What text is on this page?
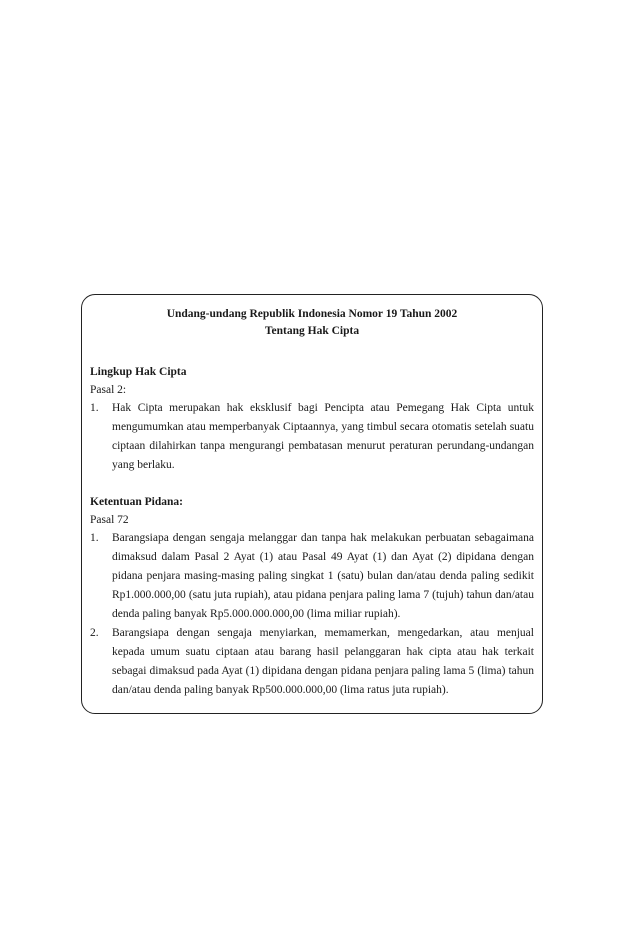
Undang-undang Republik Indonesia Nomor 19 Tahun 2002
Tentang Hak Cipta
Lingkup Hak Cipta
Pasal 2:
1.	Hak Cipta merupakan hak eksklusif bagi Pencipta atau Pemegang Hak Cipta untuk mengumumkan atau memperbanyak Ciptaannya, yang timbul secara otomatis setelah suatu ciptaan dilahirkan tanpa mengurangi pembatasan menurut peraturan perundang-undangan yang berlaku.
Ketentuan Pidana:
Pasal 72
1.	Barangsiapa dengan sengaja melanggar dan tanpa hak melakukan perbuatan sebagaimana dimaksud dalam Pasal 2 Ayat (1) atau Pasal 49 Ayat (1) dan Ayat (2) dipidana dengan pidana penjara masing-masing paling singkat 1 (satu) bulan dan/atau denda paling sedikit Rp1.000.000,00 (satu juta rupiah), atau pidana penjara paling lama 7 (tujuh) tahun dan/atau denda paling banyak Rp5.000.000.000,00 (lima miliar rupiah).
2.	Barangsiapa dengan sengaja menyiarkan, memamerkan, mengedarkan, atau menjual kepada umum suatu ciptaan atau barang hasil pelanggaran hak cipta atau hak terkait sebagai dimaksud pada Ayat (1) dipidana dengan pidana penjara paling lama 5 (lima) tahun dan/atau denda paling banyak Rp500.000.000,00 (lima ratus juta rupiah).
